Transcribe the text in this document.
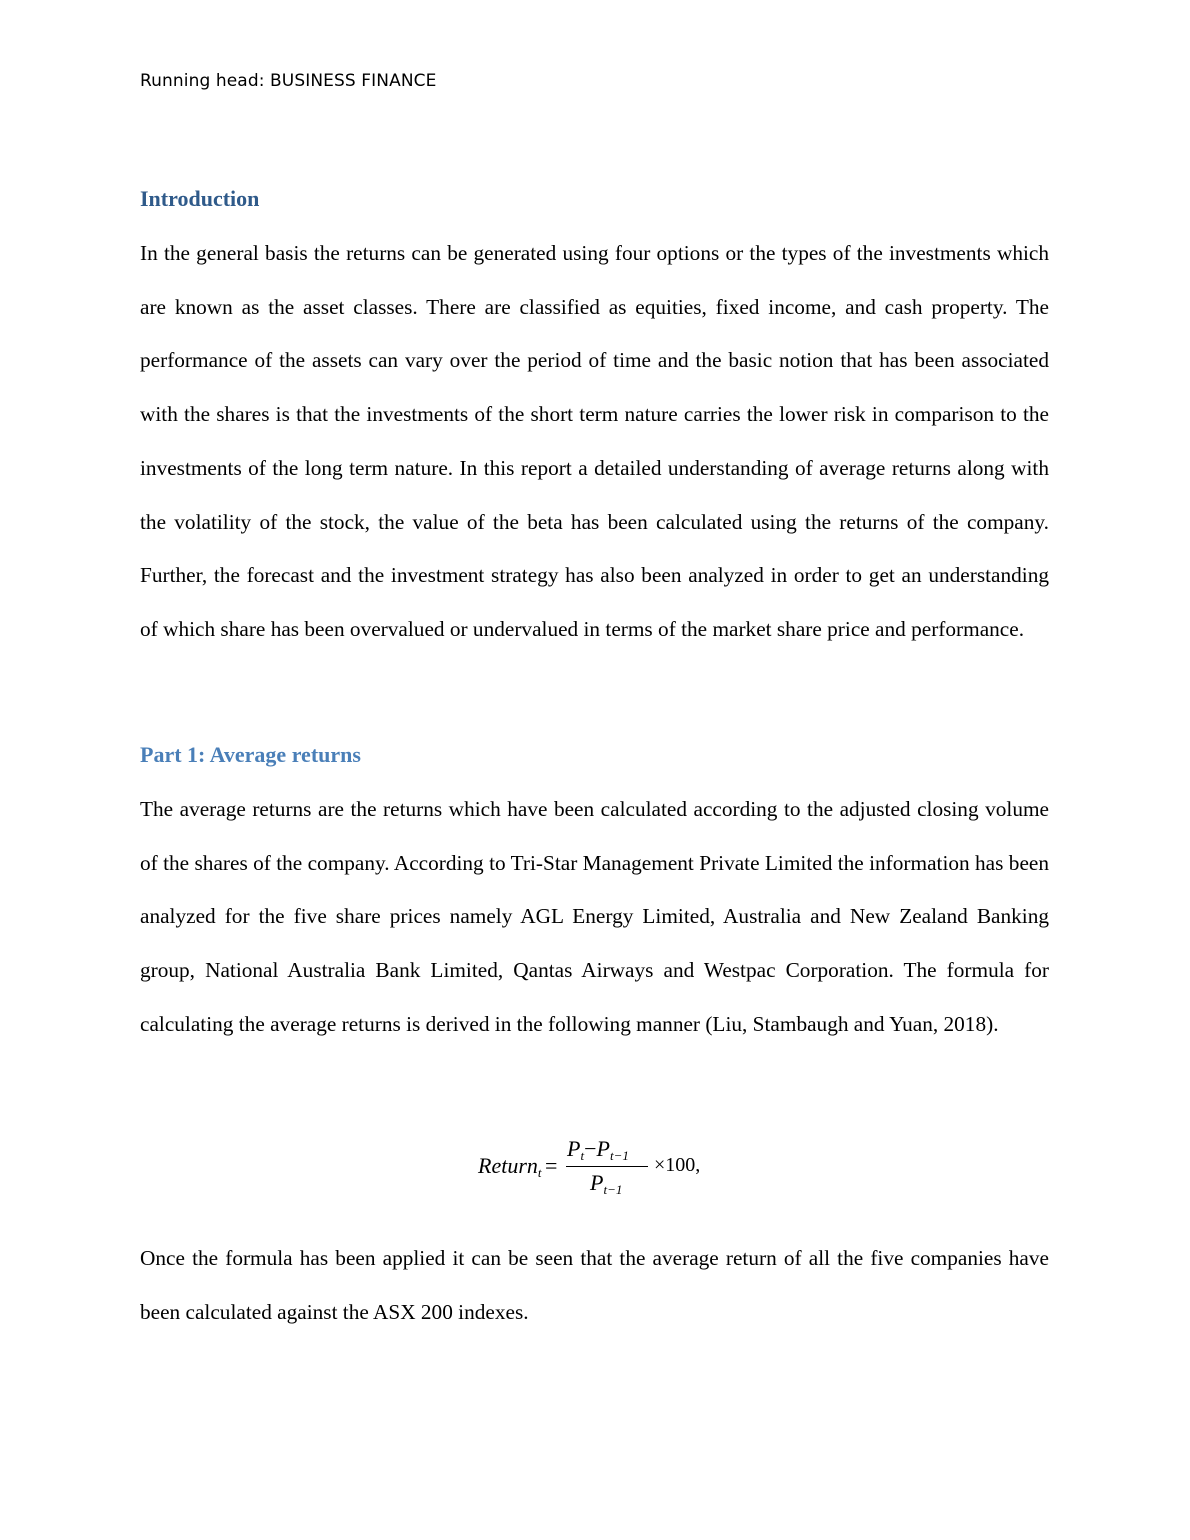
Running head: BUSINESS FINANCE
Introduction

In the general basis the returns can be generated using four options or the types of the investments which are known as the asset classes. There are classified as equities, fixed income, and cash property. The performance of the assets can vary over the period of time and the basic notion that has been associated with the shares is that the investments of the short term nature carries the lower risk in comparison to the investments of the long term nature. In this report a detailed understanding of average returns along with the volatility of the stock, the value of the beta has been calculated using the returns of the company. Further, the forecast and the investment strategy has also been analyzed in order to get an understanding of which share has been overvalued or undervalued in terms of the market share price and performance.

Part 1: Average returns

The average returns are the returns which have been calculated according to the adjusted closing volume of the shares of the company. According to Tri-Star Management Private Limited the information has been analyzed for the five share prices namely AGL Energy Limited, Australia and New Zealand Banking group, National Australia Bank Limited, Qantas Airways and Westpac Corporation. The formula for calculating the average returns is derived in the following manner (Liu, Stambaugh and Yuan, 2018).

Return$_t$ =
$P_t-P_{t-1}$
$P_{t-1}$
×100,

Once the formula has been applied it can be seen that the average return of all the five companies have been calculated against the ASX 200 indexes.
